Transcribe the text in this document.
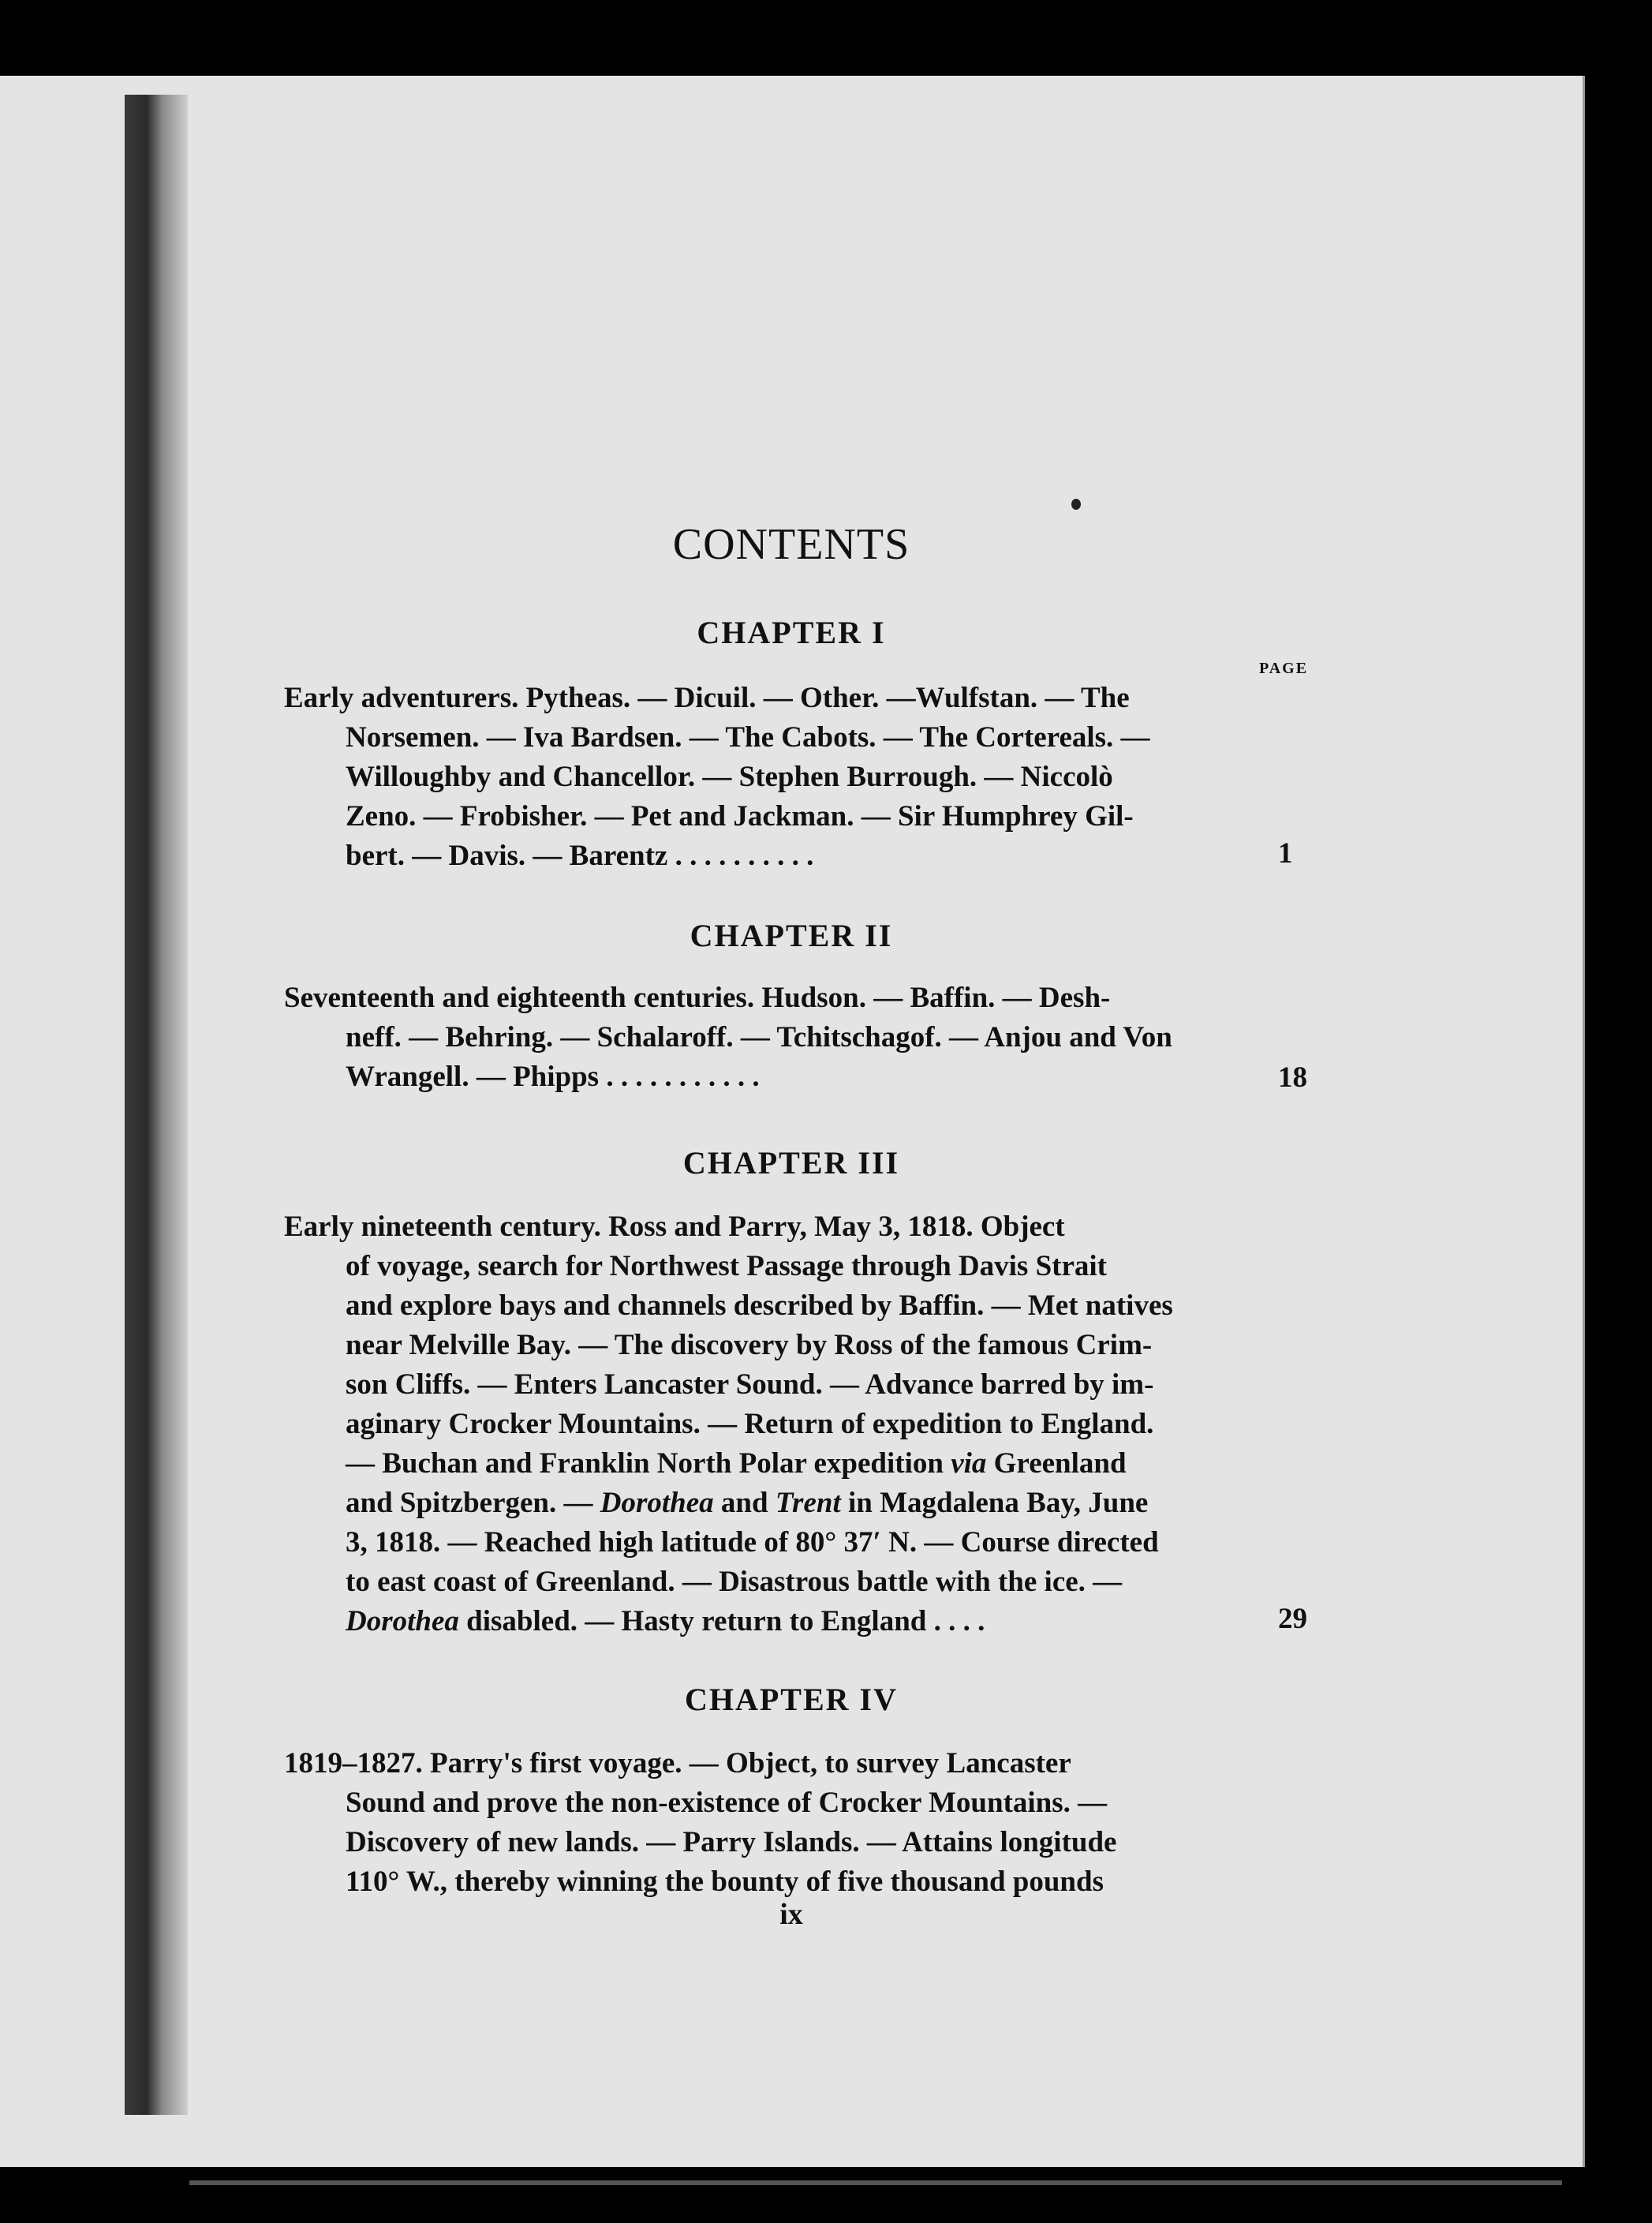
CONTENTS
CHAPTER I
PAGE
Early adventurers. Pytheas. — Dicuil. — Other. —Wulfstan. — The
Norsemen. — Iva Bardsen. — The Cabots. — The Cortereals. —
Willoughby and Chancellor. — Stephen Burrough. — Niccolò
Zeno. — Frobisher. — Pet and Jackman. — Sir Humphrey Gil-
bert. — Davis. — Barentz . . . . . . . . . .	1
CHAPTER II
Seventeenth and eighteenth centuries. Hudson. — Baffin. — Desh-
neff. — Behring. — Schalaroff. — Tchitschagof. — Anjou and Von
Wrangell. — Phipps . . . . . . . . . . .	18
CHAPTER III
Early nineteenth century. Ross and Parry, May 3, 1818. Object
of voyage, search for Northwest Passage through Davis Strait
and explore bays and channels described by Baffin. — Met natives
near Melville Bay. — The discovery by Ross of the famous Crim-
son Cliffs. — Enters Lancaster Sound. — Advance barred by im-
aginary Crocker Mountains. — Return of expedition to England.
— Buchan and Franklin North Polar expedition via Greenland
and Spitzbergen. — Dorothea and Trent in Magdalena Bay, June
3, 1818. — Reached high latitude of 80° 37′ N. — Course directed
to east coast of Greenland. — Disastrous battle with the ice. —
Dorothea disabled. — Hasty return to England . . . .	29
CHAPTER IV
1819–1827. Parry's first voyage. — Object, to survey Lancaster
Sound and prove the non-existence of Crocker Mountains. —
Discovery of new lands. — Parry Islands. — Attains longitude
110° W., thereby winning the bounty of five thousand pounds
ix
